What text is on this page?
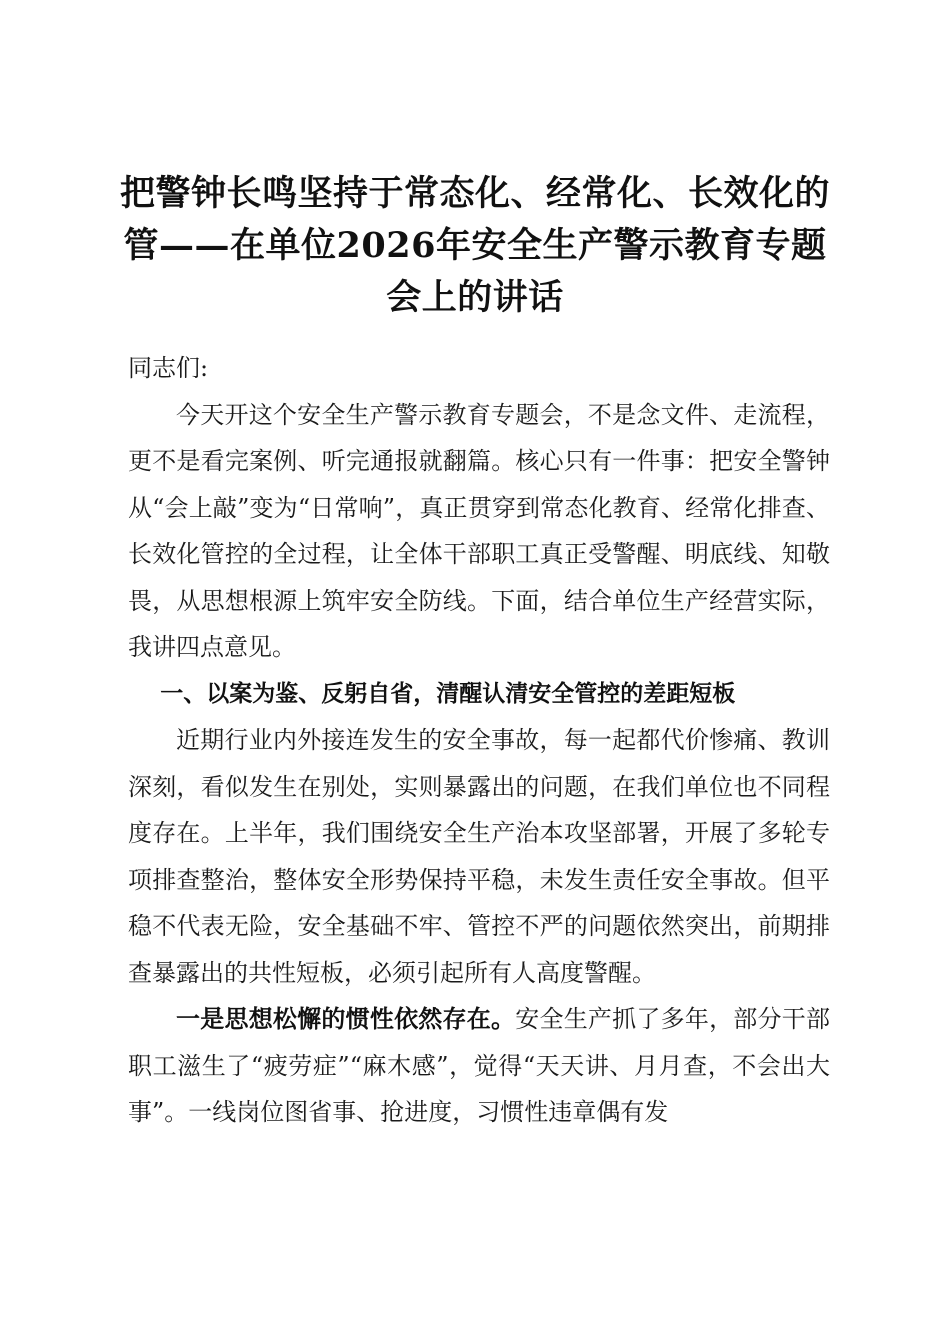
把警钟长鸣坚持于常态化、经常化、长效化的
管——在单位2026年安全生产警示教育专题
会上的讲话

同志们:

今天开这个安全生产警示教育专题会，不是念文件、走流程，更不是看完案例、听完通报就翻篇。核心只有一件事：把安全警钟从“会上敲”变为“日常响”，真正贯穿到常态化教育、经常化排查、长效化管控的全过程，让全体干部职工真正受警醒、明底线、知敬畏，从思想根源上筑牢安全防线。下面，结合单位生产经营实际，我讲四点意见。

一、以案为鉴、反躬自省，清醒认清安全管控的差距短板

近期行业内外接连发生的安全事故，每一起都代价惨痛、教训深刻，看似发生在别处，实则暴露出的问题，在我们单位也不同程度存在。上半年，我们围绕安全生产治本攻坚部署，开展了多轮专项排查整治，整体安全形势保持平稳，未发生责任安全事故。但平稳不代表无险，安全基础不牢、管控不严的问题依然突出，前期排查暴露出的共性短板，必须引起所有人高度警醒。

一是思想松懈的惯性依然存在。安全生产抓了多年，部分干部职工滋生了“疲劳症”“麻木感”，觉得“天天讲、月月查，不会出大事”。一线岗位图省事、抢进度，习惯性违章偶有发
